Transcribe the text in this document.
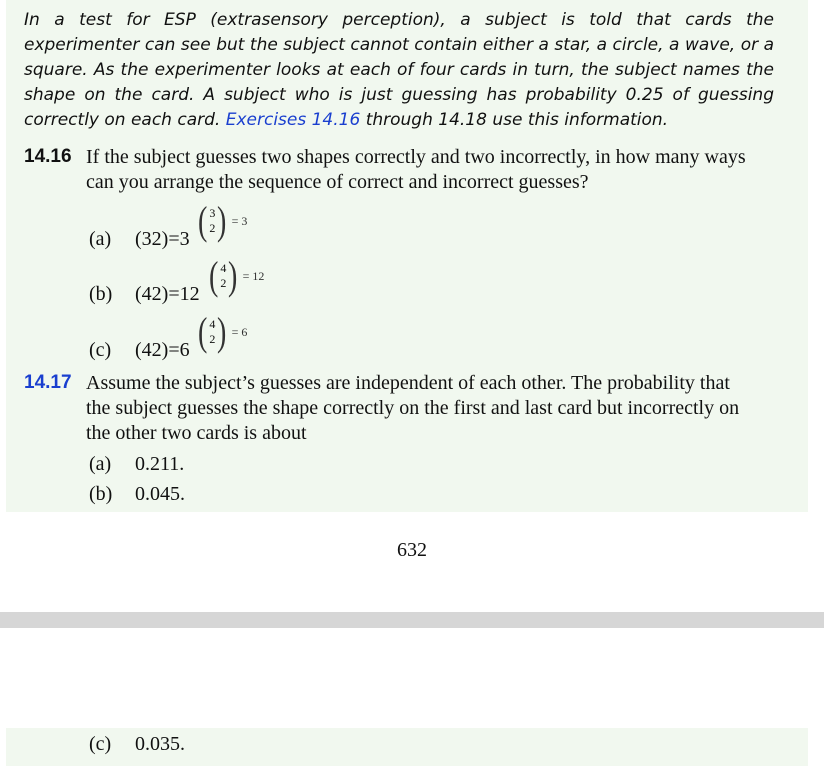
In a test for ESP (extrasensory perception), a subject is told that cards the experimenter can see but the subject cannot contain either a star, a circle, a wave, or a square. As the experimenter looks at each of four cards in turn, the subject names the shape on the card. A subject who is just guessing has probability 0.25 of guessing correctly on each card. Exercises 14.16 through 14.18 use this information.

14.16 If the subject guesses two shapes correctly and two incorrectly, in how many ways can you arrange the sequence of correct and incorrect guesses?

(a) (32)=3 ( 3
2 ) = 3
(b) (42)=12 ( 4
2 ) = 12
(c) (42)=6 ( 4
2 ) = 6
14.17 Assume the subject’s guesses are independent of each other. The probability that the subject guesses the shape correctly on the first and last card but incorrectly on the other two cards is about

(a) 0.211.
(b) 0.045.
632
(c) 0.035.
